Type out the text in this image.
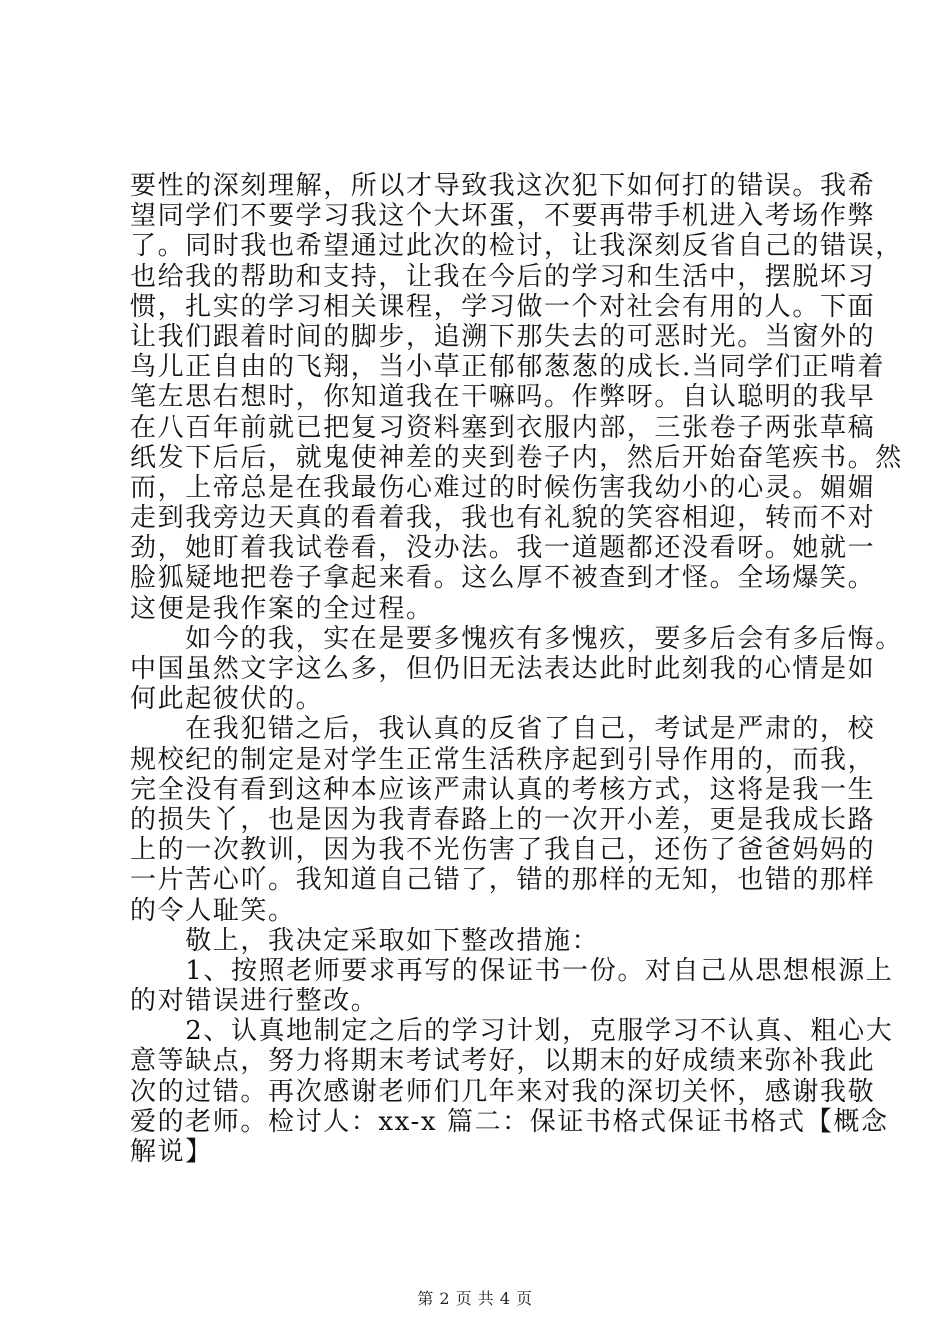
要性的深刻理解，所以才导致我这次犯下如何打的错误。我希
望同学们不要学习我这个大坏蛋，不要再带手机进入考场作弊
了。同时我也希望通过此次的检讨，让我深刻反省自己的错误，
也给我的帮助和支持，让我在今后的学习和生活中，摆脱坏习
惯，扎实的学习相关课程，学习做一个对社会有用的人。下面
让我们跟着时间的脚步，追溯下那失去的可恶时光。当窗外的
鸟儿正自由的飞翔，当小草正郁郁葱葱的成长.当同学们正啃着
笔左思右想时，你知道我在干嘛吗。作弊呀。自认聪明的我早
在八百年前就已把复习资料塞到衣服内部，三张卷子两张草稿
纸发下后后，就鬼使神差的夹到卷子内，然后开始奋笔疾书。然
而，上帝总是在我最伤心难过的时候伤害我幼小的心灵。媚媚
走到我旁边天真的看着我，我也有礼貌的笑容相迎，转而不对
劲，她盯着我试卷看，没办法。我一道题都还没看呀。她就一
脸狐疑地把卷子拿起来看。这么厚不被查到才怪。全场爆笑。
这便是我作案的全过程。
　　如今的我，实在是要多愧疚有多愧疚，要多后会有多后悔。
中国虽然文字这么多，但仍旧无法表达此时此刻我的心情是如
何此起彼伏的。
　　在我犯错之后，我认真的反省了自己，考试是严肃的，校
规校纪的制定是对学生正常生活秩序起到引导作用的，而我，
完全没有看到这种本应该严肃认真的考核方式，这将是我一生
的损失丫，也是因为我青春路上的一次开小差，更是我成长路
上的一次教训，因为我不光伤害了我自己，还伤了爸爸妈妈的
一片苦心吖。我知道自己错了，错的那样的无知，也错的那样
的令人耻笑。
　　敬上，我决定采取如下整改措施：
　　1、按照老师要求再写的保证书一份。对自己从思想根源上
的对错误进行整改。
　　2、认真地制定之后的学习计划，克服学习不认真、粗心大
意等缺点，努力将期末考试考好，以期末的好成绩来弥补我此
次的过错。再次感谢老师们几年来对我的深切关怀，感谢我敬
爱的老师。检讨人：xx-x 篇二：保证书格式保证书格式【概念
解说】
第 2 页 共 4 页
